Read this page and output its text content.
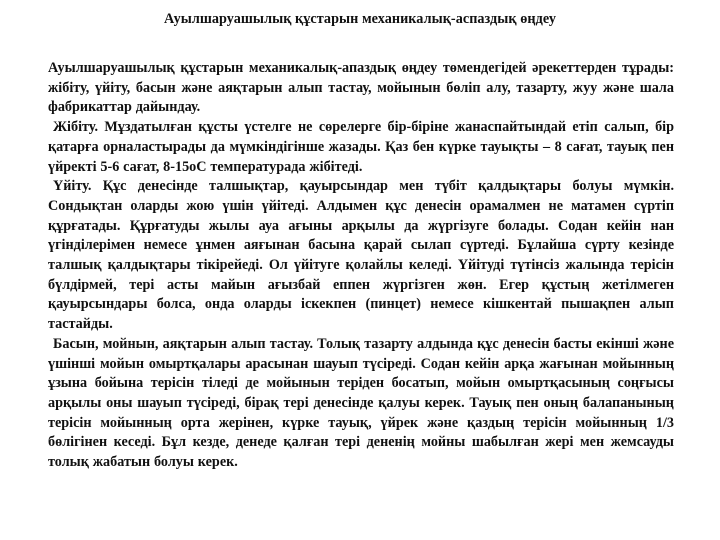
Ауылшаруашылық құстарын механикалық-аспаздық өңдеу

Ауылшаруашылық құстарын механикалық-апаздық өңдеу төмендегідей әрекеттерден тұрады: жібіту, үйіту, басын және аяқтарын алып тастау, мойынын бөліп алу, тазарту, жуу және шала фабрикаттар дайындау.

Жібіту. Мұздатылған құсты үстелге не сөрелерге бір-біріне жанаспайтындай етіп салып, бір қатарға орналастырады да мүмкіндігінше жазады. Қаз бен күрке тауықты – 8 сағат, тауық пен үйректі 5-6 сағат, 8-15оС температурада жібітеді.

Үйіту. Құс денесінде талшықтар, қауырсындар мен түбіт қалдықтары болуы мүмкін. Сондықтан оларды жою үшін үйітеді. Алдымен құс денесін орамалмен не матамен сүртіп құрғатады. Құрғатуды жылы ауа ағыны арқылы да жүргізуге болады. Содан кейін нан үгінділерімен немесе ұнмен аяғынан басына қарай сылап сүртеді. Бұлайша сүрту кезінде талшық қалдықтары тікірейеді. Ол үйітуге қолайлы келеді. Үйітуді түтінсіз жалында терісін бүлдірмей, тері асты майын ағызбай еппен жүргізген жөн. Егер құстың жетілмеген қауырсындары болса, онда оларды іскекпен (пинцет) немесе кішкентай пышақпен алып тастайды.

Басын, мойнын, аяқтарын алып тастау. Толық тазарту алдында құс денесін басты екінші және үшінші мойын омыртқалары арасынан шауып түсіреді. Содан кейін арқа жағынан мойынның ұзына бойына терісін тіледі де мойынын теріден босатып, мойын омыртқасының соңғысы арқылы оны шауып түсіреді, бірақ тері денесінде қалуы керек. Тауық пен оның балапанының терісін мойынның орта жерінен, күрке тауық, үйрек және қаздың терісін мойынның 1/3 бөлігінен кеседі. Бұл кезде, денеде қалған тері дененің мойны шабылған жері мен жемсауды толық жабатын болуы керек.
